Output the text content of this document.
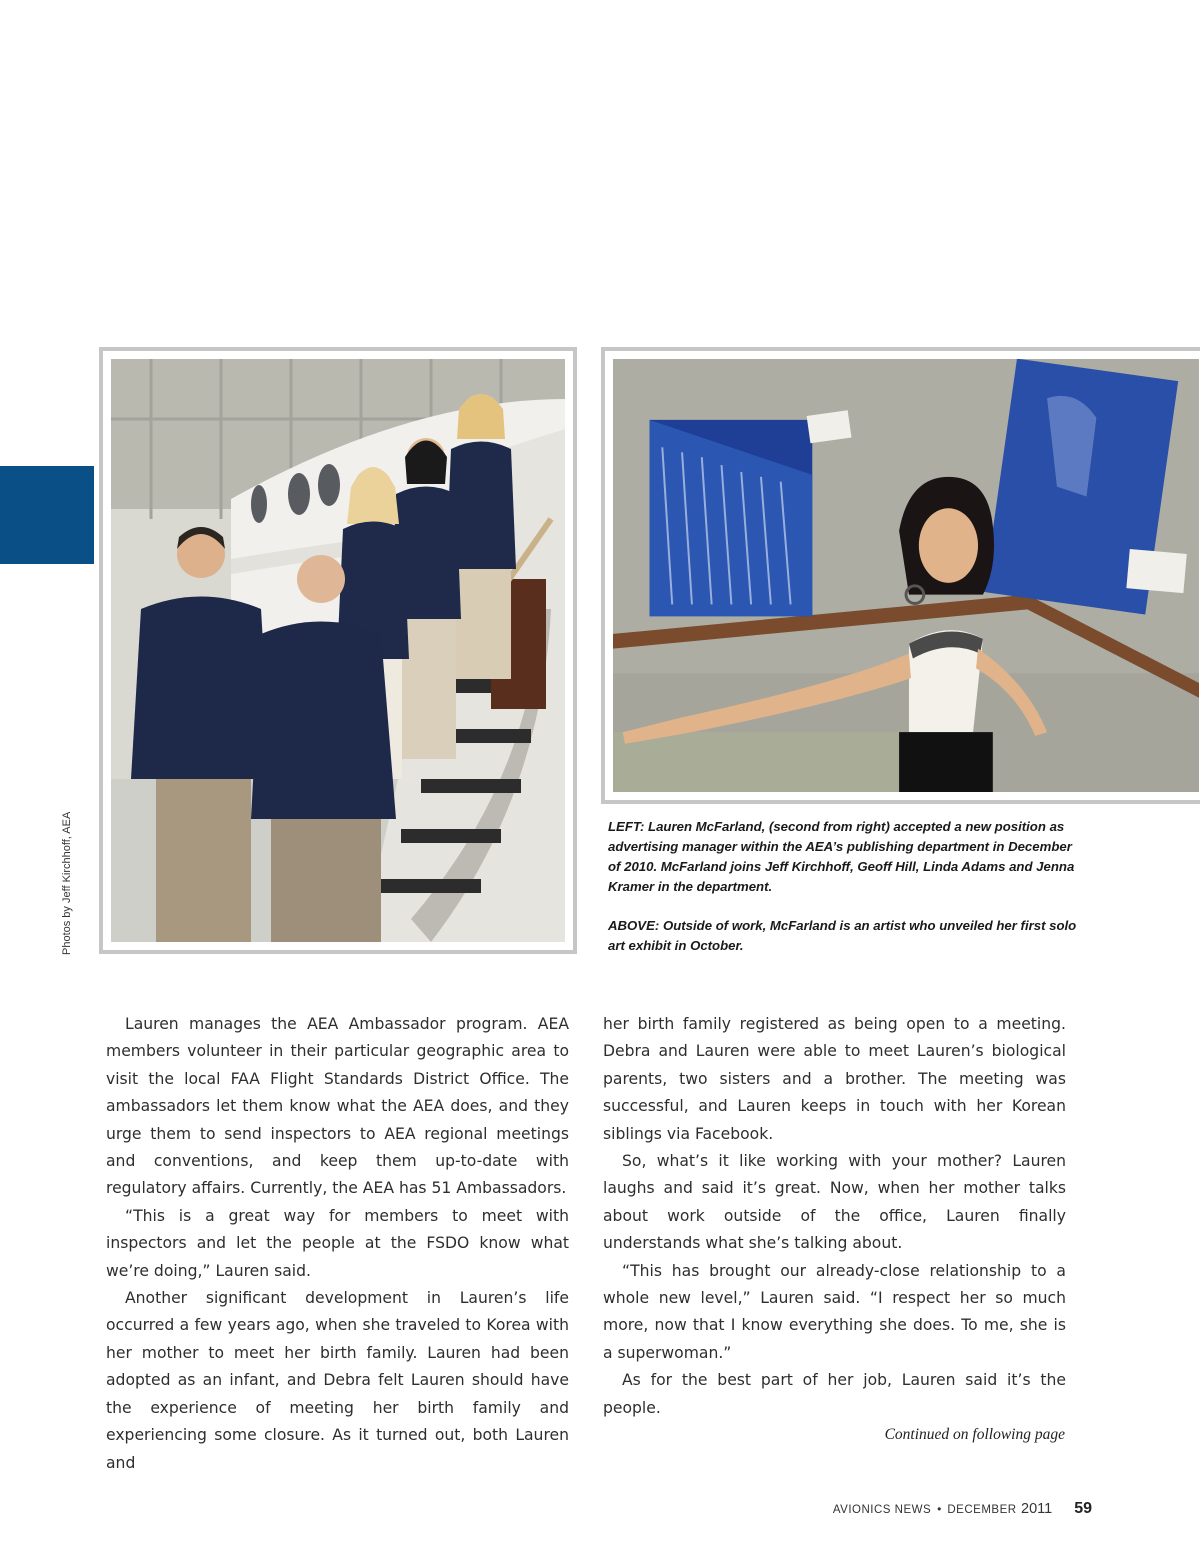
Photos by Jeff Kirchhoff, AEA	LEFT: Lauren McFarland, (second from right) accepted a new position as advertising manager within the AEA’s publishing department in December of 2010. McFarland joins Jeff Kirchhoff, Geoff Hill, Linda Adams and Jenna Kramer in the department.

ABOVE: Outside of work, McFarland is an artist who unveiled her first solo art exhibit in October.

Lauren manages the AEA Ambassador program. AEA members volunteer in their particular geographic area to visit the local FAA Flight Standards District Office. The ambassadors let them know what the AEA does, and they urge them to send inspectors to AEA regional meetings and conventions, and keep them up-to-date with regulatory affairs. Currently, the AEA has 51 Ambassadors.

“This is a great way for members to meet with inspectors and let the people at the FSDO know what we’re doing,” Lauren said.

Another significant development in Lauren’s life occurred a few years ago, when she traveled to Korea with her mother to meet her birth family. Lauren had been adopted as an infant, and Debra felt Lauren should have the experience of meeting her birth family and experiencing some closure. As it turned out, both Lauren and

her birth family registered as being open to a meeting. Debra and Lauren were able to meet Lauren’s biological parents, two sisters and a brother. The meeting was successful, and Lauren keeps in touch with her Korean siblings via Facebook.

So, what’s it like working with your mother? Lauren laughs and said it’s great. Now, when her mother talks about work outside of the office, Lauren finally understands what she’s talking about.

“This has brought our already-close relationship to a whole new level,” Lauren said. “I respect her so much more, now that I know everything she does. To me, she is a superwoman.”

As for the best part of her job, Lauren said it’s the people.

Continued on following page
AVIONICS NEWS • DECEMBER 2011 59
